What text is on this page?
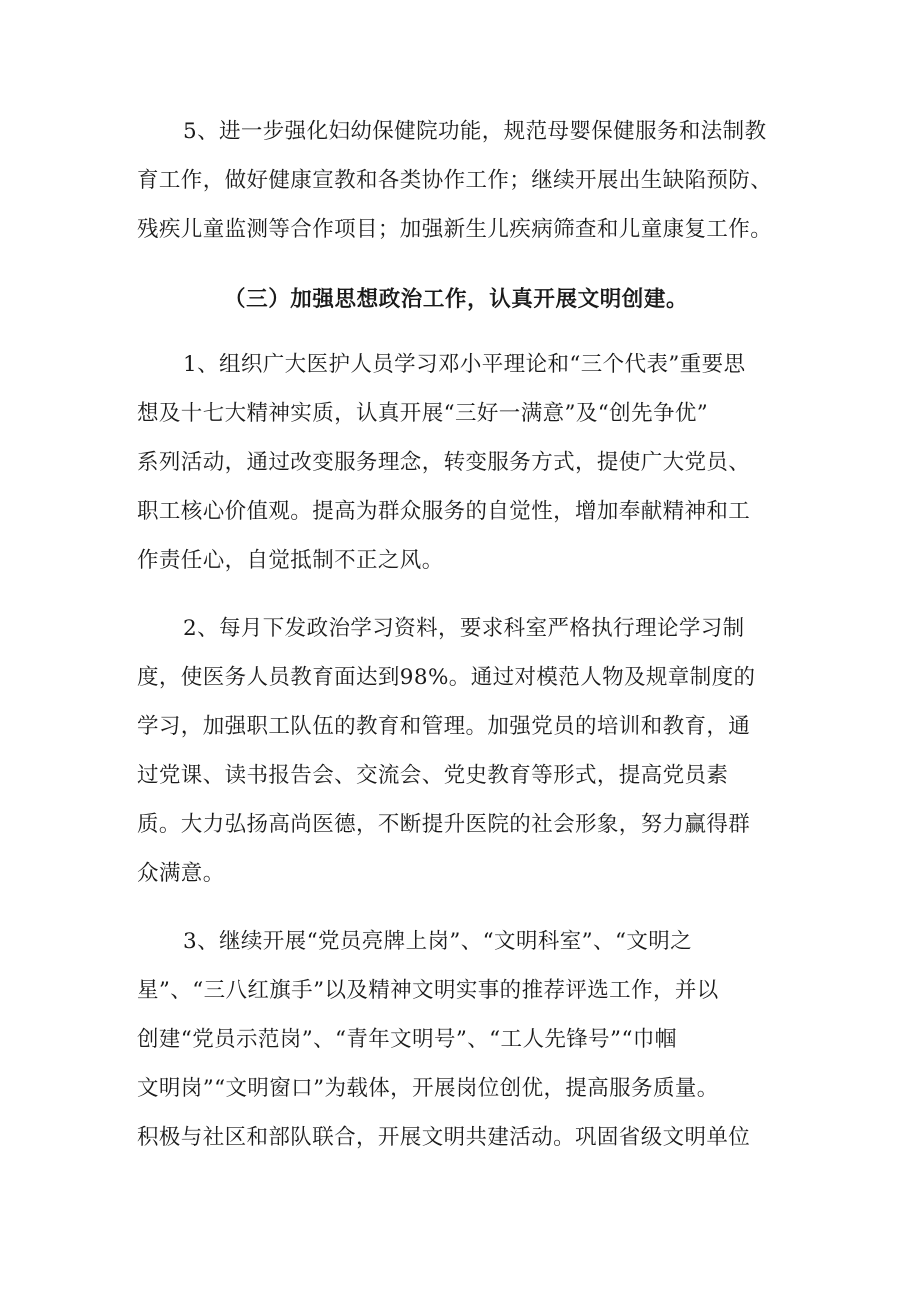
5、进一步强化妇幼保健院功能，规范母婴保健服务和法制教
育工作，做好健康宣教和各类协作工作；继续开展出生缺陷预防、
残疾儿童监测等合作项目；加强新生儿疾病筛查和儿童康复工作。
（三）加强思想政治工作，认真开展文明创建。
1、组织广大医护人员学习邓小平理论和“三个代表”重要思
想及十七大精神实质，认真开展“三好一满意”及“创先争优”
系列活动，通过改变服务理念，转变服务方式，提使广大党员、
职工核心价值观。提高为群众服务的自觉性，增加奉献精神和工
作责任心，自觉抵制不正之风。
2、每月下发政治学习资料，要求科室严格执行理论学习制
度，使医务人员教育面达到98%。通过对模范人物及规章制度的
学习，加强职工队伍的教育和管理。加强党员的培训和教育，通
过党课、读书报告会、交流会、党史教育等形式，提高党员素
质。大力弘扬高尚医德，不断提升医院的社会形象，努力赢得群
众满意。
3、继续开展“党员亮牌上岗”、“文明科室”、“文明之
星”、“三八红旗手”以及精神文明实事的推荐评选工作，并以
创建“党员示范岗”、“青年文明号”、“工人先锋号”“巾帼
文明岗”“文明窗口”为载体，开展岗位创优，提高服务质量。
积极与社区和部队联合，开展文明共建活动。巩固省级文明单位
